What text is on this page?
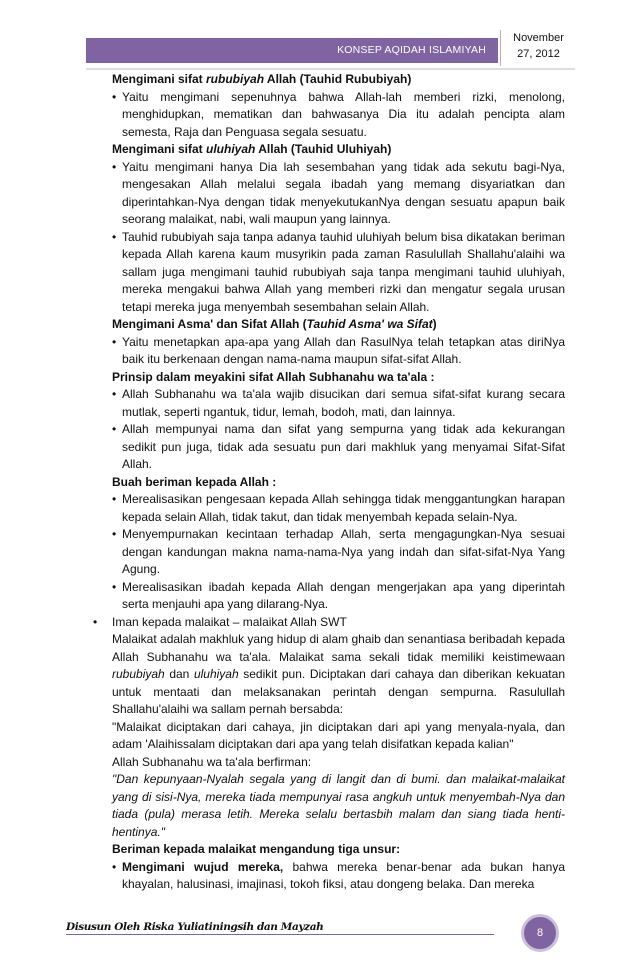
KONSEP AQIDAH ISLAMIYAH
November
27, 2012
Mengimani sifat rububiyah Allah (Tauhid Rububiyah)
• Yaitu mengimani sepenuhnya bahwa Allah-lah memberi rizki, menolong, menghidupkan, mematikan dan bahwasanya Dia itu adalah pencipta alam semesta, Raja dan Penguasa segala sesuatu.
Mengimani sifat uluhiyah Allah (Tauhid Uluhiyah)
• Yaitu mengimani hanya Dia lah sesembahan yang tidak ada sekutu bagi-Nya, mengesakan Allah melalui segala ibadah yang memang disyariatkan dan diperintahkan-Nya dengan tidak menyekutukanNya dengan sesuatu apapun baik seorang malaikat, nabi, wali maupun yang lainnya.
• Tauhid rububiyah saja tanpa adanya tauhid uluhiyah belum bisa dikatakan beriman kepada Allah karena kaum musyrikin pada zaman Rasulullah Shallahu'alaihi wa sallam juga mengimani tauhid rububiyah saja tanpa mengimani tauhid uluhiyah, mereka mengakui bahwa Allah yang memberi rizki dan mengatur segala urusan tetapi mereka juga menyembah sesembahan selain Allah.
Mengimani Asma' dan Sifat Allah (Tauhid Asma' wa Sifat)
• Yaitu menetapkan apa-apa yang Allah dan RasulNya telah tetapkan atas diriNya baik itu berkenaan dengan nama-nama maupun sifat-sifat Allah.
Prinsip dalam meyakini sifat Allah Subhanahu wa ta'ala :
• Allah Subhanahu wa ta'ala wajib disucikan dari semua sifat-sifat kurang secara mutlak, seperti ngantuk, tidur, lemah, bodoh, mati, dan lainnya.
• Allah mempunyai nama dan sifat yang sempurna yang tidak ada kekurangan sedikit pun juga, tidak ada sesuatu pun dari makhluk yang menyamai Sifat-Sifat Allah.
Buah beriman kepada Allah :
• Merealisasikan pengesaan kepada Allah sehingga tidak menggantungkan harapan kepada selain Allah, tidak takut, dan tidak menyembah kepada selain-Nya.
• Menyempurnakan kecintaan terhadap Allah, serta mengagungkan-Nya sesuai dengan kandungan makna nama-nama-Nya yang indah dan sifat-sifat-Nya Yang Agung.
• Merealisasikan ibadah kepada Allah dengan mengerjakan apa yang diperintah serta menjauhi apa yang dilarang-Nya.
• Iman kepada malaikat – malaikat Allah SWT
Malaikat adalah makhluk yang hidup di alam ghaib dan senantiasa beribadah kepada Allah Subhanahu wa ta'ala. Malaikat sama sekali tidak memiliki keistimewaan rububiyah dan uluhiyah sedikit pun. Diciptakan dari cahaya dan diberikan kekuatan untuk mentaati dan melaksanakan perintah dengan sempurna. Rasulullah Shallahu'alaihi wa sallam pernah bersabda:
"Malaikat diciptakan dari cahaya, jin diciptakan dari api yang menyala-nyala, dan adam 'Alaihissalam diciptakan dari apa yang telah disifatkan kepada kalian"
Allah Subhanahu wa ta'ala berfirman:
"Dan kepunyaan-Nyalah segala yang di langit dan di bumi. dan malaikat-malaikat yang di sisi-Nya, mereka tiada mempunyai rasa angkuh untuk menyembah-Nya dan tiada (pula) merasa letih. Mereka selalu bertasbih malam dan siang tiada henti-hentinya."
Beriman kepada malaikat mengandung tiga unsur:
• Mengimani wujud mereka, bahwa mereka benar-benar ada bukan hanya khayalan, halusinasi, imajinasi, tokoh fiksi, atau dongeng belaka. Dan mereka
Disusun Oleh Riska Yuliatiningsih dan Mayzah	8
